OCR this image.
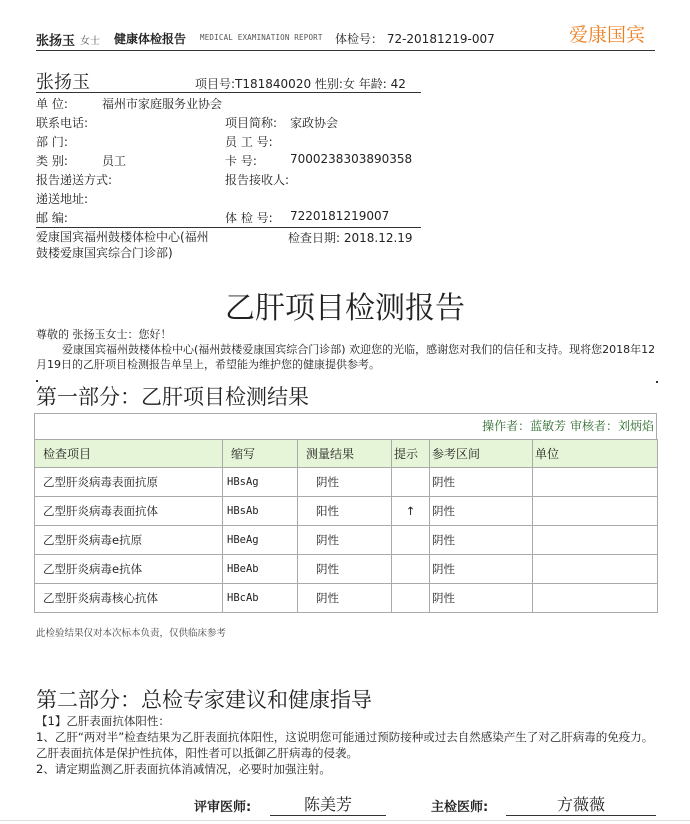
张扬玉 女士 健康体检报告 MEDICAL EXAMINATION REPORT 体检号： 72-20181219-007	爱康国宾
张扬玉	项目号:T181840020 性别:女 年龄: 42
单 位:	福州市家庭服务业协会
联系电话:	项目简称: 家政协会
部 门:	员 工 号:
类 别:	员工	卡 号:	7000238303890358
报告递送方式:	报告接收人:
递送地址:
邮 编:	体 检 号: 7220181219007
爱康国宾福州鼓楼体检中心(福州鼓楼爱康国宾综合门诊部)
检查日期: 2018.12.19
乙肝项目检测报告
尊敬的 张扬玉女士：您好！
爱康国宾福州鼓楼体检中心(福州鼓楼爱康国宾综合门诊部) 欢迎您的光临，感谢您对我们的信任和支持。现将您2018年12月19日的乙肝项目检测报告单呈上，希望能为维护您的健康提供参考。
第一部分：乙肝项目检测结果
操作者：蓝敏芳 审核者：刘炳焰
检查项目	缩写	测量结果	提示	参考区间	单位
乙型肝炎病毒表面抗原	HBsAg	阴性		阴性	
乙型肝炎病毒表面抗体	HBsAb	阳性	↑	阴性	
乙型肝炎病毒e抗原	HBeAg	阴性		阴性	
乙型肝炎病毒e抗体	HBeAb	阴性		阴性	
乙型肝炎病毒核心抗体	HBcAb	阴性		阴性	
此检验结果仅对本次标本负责，仅供临床参考
第二部分：总检专家建议和健康指导
【1】乙肝表面抗体阳性：
1、乙肝“两对半”检查结果为乙肝表面抗体阳性，这说明您可能通过预防接种或过去自然感染产生了对乙肝病毒的免疫力。乙肝表面抗体是保护性抗体，阳性者可以抵御乙肝病毒的侵袭。
2、请定期监测乙肝表面抗体消减情况，必要时加强注射。
评审医师:	陈美芳	主检医师:	方薇薇
